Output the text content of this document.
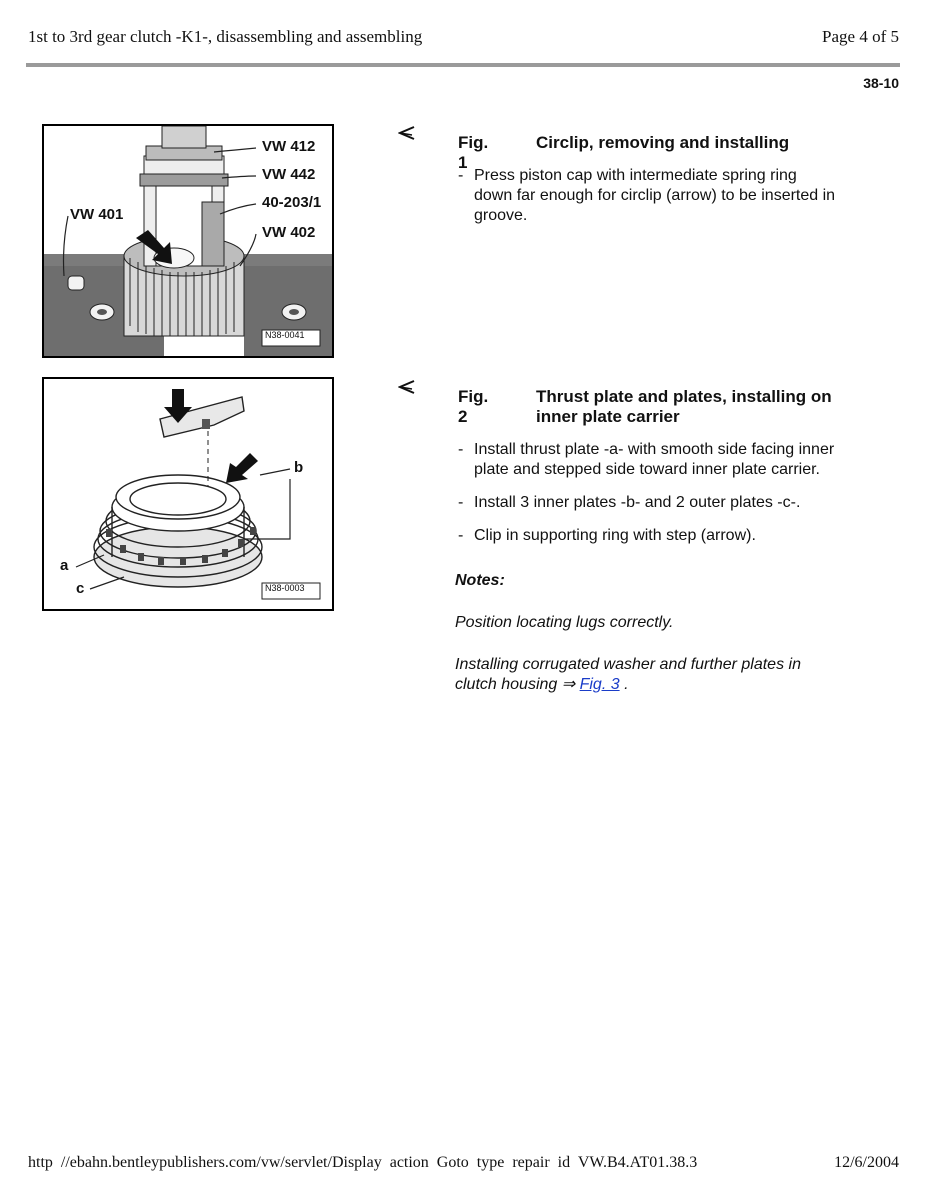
1st to 3rd gear clutch -K1-, disassembling and assembling	Page 4 of 5
38-10
VW 412
VW 442
VW 401
40-203/1
VW 402
N38-0041
Fig. 1
Circlip, removing and installing
- Press piston cap with intermediate spring ring
down far enough for circlip (arrow) to be inserted in
groove.
b
a
c	N38-0003
Fig. 2
Thrust plate and plates, installing on
inner plate carrier
- Install thrust plate -a- with smooth side facing inner
plate and stepped side toward inner plate carrier.
- Install 3 inner plates -b- and 2 outer plates -c-.
- Clip in supporting ring with step (arrow).
Notes:
Position locating lugs correctly.
Installing corrugated washer and further plates in
clutch housing ⇒ Fig. 3 .
http //ebahn.bentleypublishers.com/vw/servlet/Display action Goto type repair id VW.B4.AT01.38.3	12/6/2004
